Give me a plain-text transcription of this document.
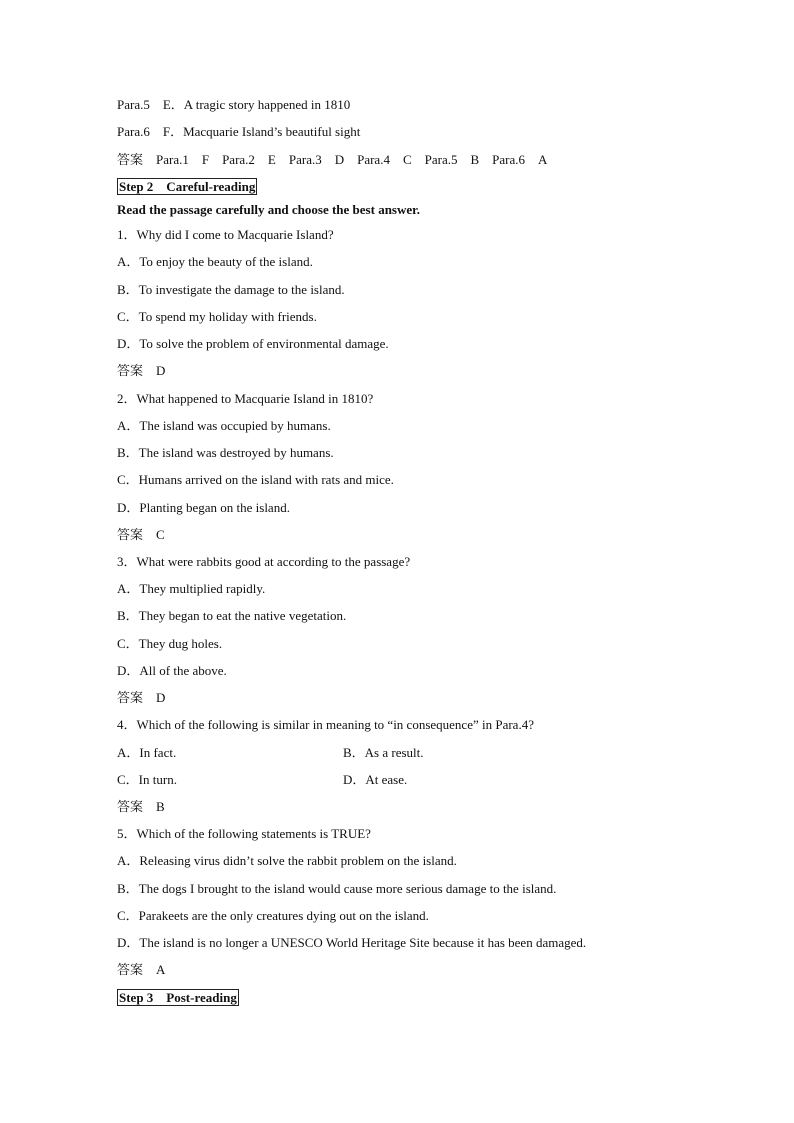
Para.5　E．A tragic story happened in 1810
Para.6　F．Macquarie Island’s beautiful sight
答案　Para.1　F　Para.2　E　Para.3　D　Para.4　C　Para.5　B　Para.6　A
Step 2　Careful-reading
Read the passage carefully and choose the best answer.
1．Why did I come to Macquarie Island?
A．To enjoy the beauty of the island.
B．To investigate the damage to the island.
C．To spend my holiday with friends.
D．To solve the problem of environmental damage.
答案　D
2．What happened to Macquarie Island in 1810?
A．The island was occupied by humans.
B．The island was destroyed by humans.
C．Humans arrived on the island with rats and mice.
D．Planting began on the island.
答案　C
3．What were rabbits good at according to the passage?
A．They multiplied rapidly.
B．They began to eat the native vegetation.
C．They dug holes.
D．All of the above.
答案　D
4．Which of the following is similar in meaning to “in consequence” in Para.4?
A．In fact.	B．As a result.
C．In turn.	D．At ease.
答案　B
5．Which of the following statements is TRUE?
A．Releasing virus didn’t solve the rabbit problem on the island.
B．The dogs I brought to the island would cause more serious damage to the island.
C．Parakeets are the only creatures dying out on the island.
D．The island is no longer a UNESCO World Heritage Site because it has been damaged.
答案　A
Step 3　Post-reading
